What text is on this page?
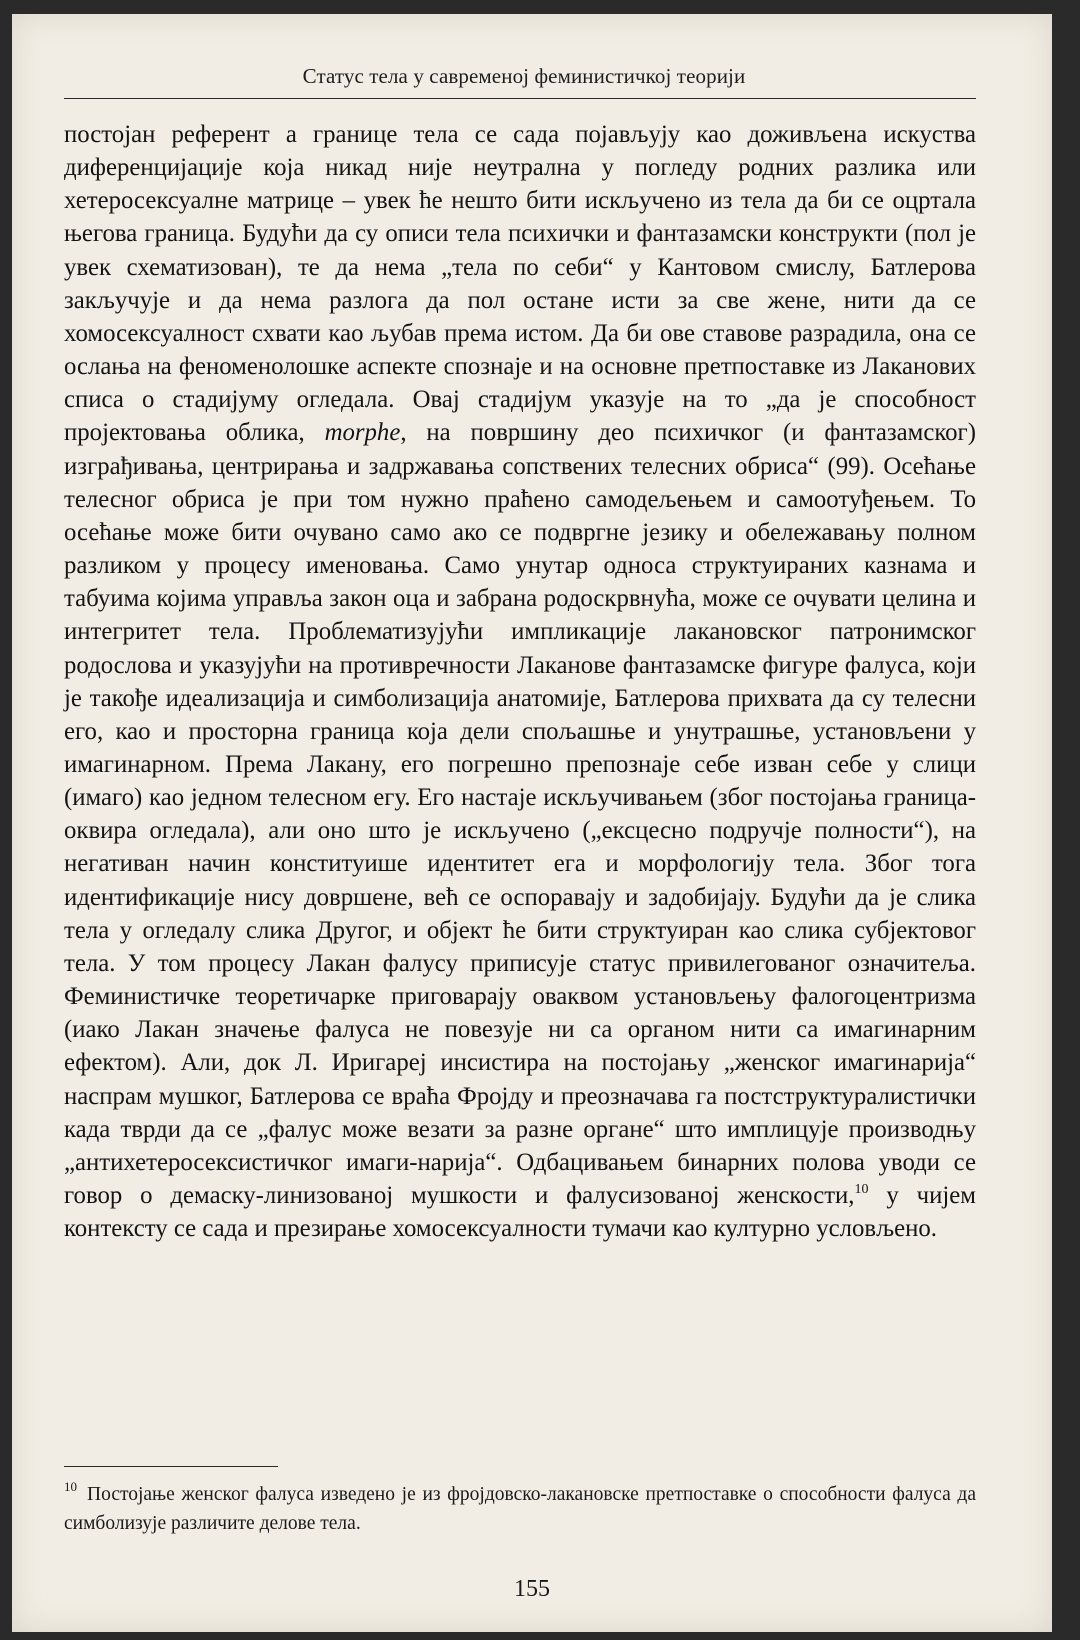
Статус тела у савременој феминистичкој теорији

постојан референт а границе тела се сада појављују као доживљена искуства диференцијације која никад није неутрална у погледу родних разлика или хетеросексуалне матрице – увек ће нешто бити искључено из тела да би се оцртала његова граница. Будући да су описи тела психички и фантазамски конструкти (пол је увек схематизован), те да нема „тела по себи“ у Кантовом смислу, Батлерова закључује и да нема разлога да пол остане исти за све жене, нити да се хомосексуалност схвати као љубав према истом. Да би ове ставове разрадила, она се ослања на феноменолошке аспекте спознаје и на основне претпоставке из Лаканових списа о стадијуму огледала. Овај стадијум указује на то „да је способност пројектовања облика, morphe, на површину део психичког (и фантазамског) изграђивања, центрирања и задржавања сопствених телесних обриса“ (99). Осећање телесног обриса је при том нужно праћено самодељењем и самоотуђењем. То осећање може бити очувано само ако се подвргне језику и обележавању полном разликом у процесу именовања. Само унутар односа структуираних казнама и табуима којима управља закон оца и забрана родоскрвнућа, може се очувати целина и интегритет тела. Проблематизујући импликације лакановског патронимског родослова и указујући на противречности Лаканове фантазамске фигуре фалуса, који је такође идеализација и симболизација анатомије, Батлерова прихвата да су телесни его, као и просторна граница која дели спољашње и унутрашње, установљени у имагинарном. Према Лакану, его погрешно препознаје себе изван себе у слици (имаго) као једном телесном егу. Его настаје искључивањем (због постојања граница-оквира огледала), али оно што је искључено („ексцесно подручје полности“), на негативан начин конституише идентитет ега и морфологију тела. Због тога идентификације нису довршене, већ се оспоравају и задобијају. Будући да је слика тела у огледалу слика Другог, и објект ће бити структуиран као слика субјектовог тела. У том процесу Лакан фалусу приписује статус привилегованог означитеља. Феминистичке теоретичарке приговарају оваквом установљењу фалогоцентризма (иако Лакан значење фалуса не повезује ни са органом нити са имагинарним ефектом). Али, док Л. Иригареј инсистира на постојању „женског имагинарија“ наспрам мушког, Батлерова се враћа Фројду и преозначава га постструктуралистички када тврди да се „фалус може везати за разне органе“ што имплицује производњу „антихетеросексистичког имаги-нарија“. Одбацивањем бинарних полова уводи се говор о демаску-линизованој мушкости и фалусизованој женскости,$^{10}$ у чијем контексту се сада и презирање хомосексуалности тумачи као културно условљено.

$^{10}$ Постојање женског фалуса изведено је из фројдовско-лакановске претпоставке о способности фалуса да симболизује различите делове тела.
155
